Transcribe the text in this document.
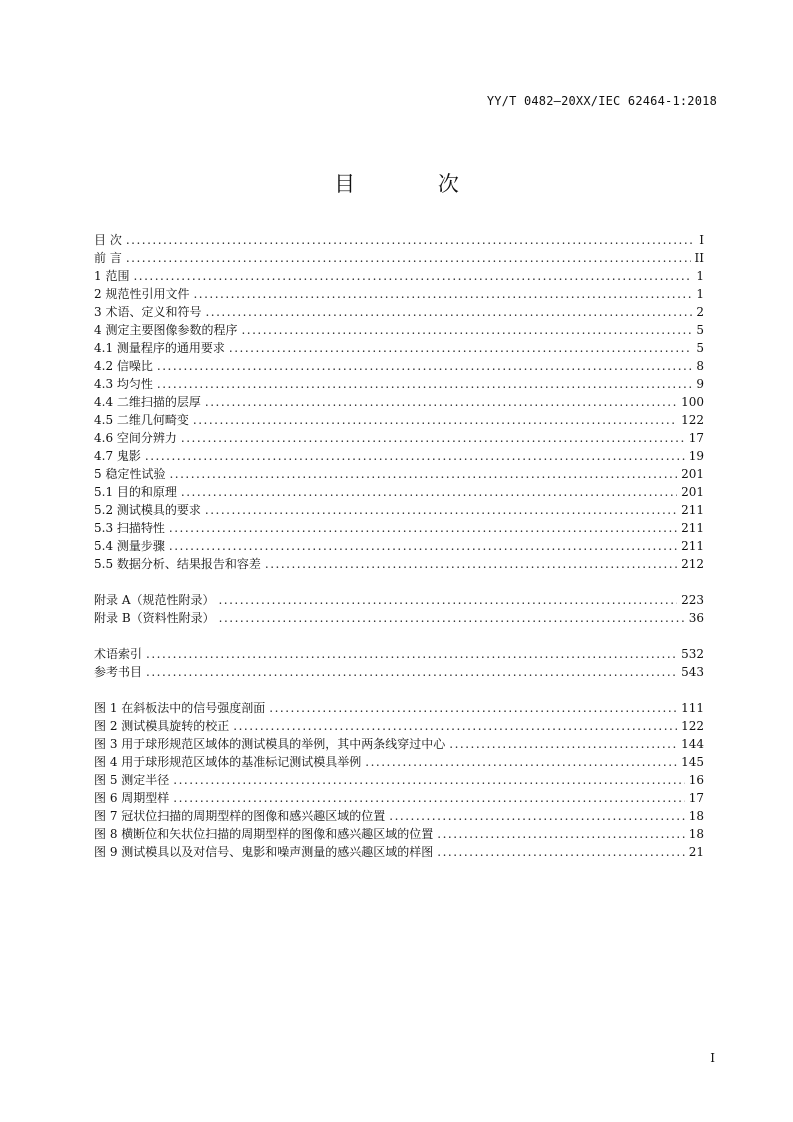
YY/T 0482—20XX/IEC 62464-1:2018
目 次
目 次 .....	I
前 言 .....	II
1 范围 .....	1
2 规范性引用文件 .....	1
3 术语、定义和符号 .....	2
4 测定主要图像参数的程序 .....	5
4.1 测量程序的通用要求 .....	5
4.2 信噪比 .....	8
4.3 均匀性 .....	9
4.4 二维扫描的层厚 .....	100
4.5 二维几何畸变 .....	122
4.6 空间分辨力 .....	17
4.7 鬼影 .....	19
5 稳定性试验 .....	201
5.1 目的和原理 .....	201
5.2 测试模具的要求 .....	211
5.3 扫描特性 .....	211
5.4 测量步骤 .....	211
5.5 数据分析、结果报告和容差 .....	212
附录 A（规范性附录） .....	223
附录 B（资料性附录） .....	36
术语索引 .....	532
参考书目 .....	543
图 1 在斜板法中的信号强度剖面 .....	111
图 2 测试模具旋转的校正 .....	122
图 3 用于球形规范区域体的测试模具的举例，其中两条线穿过中心 .....	144
图 4 用于球形规范区域体的基准标记测试模具举例 .....	145
图 5 测定半径 .....	16
图 6 周期型样 .....	17
图 7 冠状位扫描的周期型样的图像和感兴趣区域的位置 .....	18
图 8 横断位和矢状位扫描的周期型样的图像和感兴趣区域的位置 .....	18
图 9 测试模具以及对信号、鬼影和噪声测量的感兴趣区域的样图 .....	21
I
